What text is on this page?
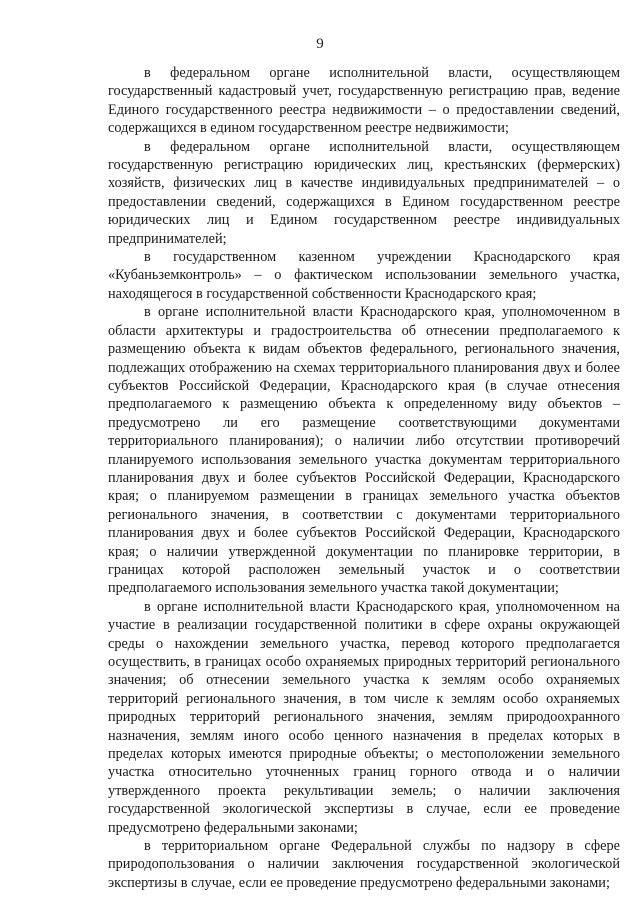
9

в федеральном органе исполнительной власти, осуществляющем государственный кадастровый учет, государственную регистрацию прав, ведение Единого государственного реестра недвижимости – о предоставлении сведений, содержащихся в едином государственном реестре недвижимости;

в федеральном органе исполнительной власти, осуществляющем государственную регистрацию юридических лиц, крестьянских (фермерских) хозяйств, физических лиц в качестве индивидуальных предпринимателей – о предоставлении сведений, содержащихся в Едином государственном реестре юридических лиц и Едином государственном реестре индивидуальных предпринимателей;

в государственном казенном учреждении Краснодарского края «Кубаньземконтроль» – о фактическом использовании земельного участка, находящегося в государственной собственности Краснодарского края;

в органе исполнительной власти Краснодарского края, уполномоченном в области архитектуры и градостроительства об отнесении предполагаемого к размещению объекта к видам объектов федерального, регионального значения, подлежащих отображению на схемах территориального планирования двух и более субъектов Российской Федерации, Краснодарского края (в случае отнесения предполагаемого к размещению объекта к определенному виду объектов – предусмотрено ли его размещение соответствующими документами территориального планирования); о наличии либо отсутствии противоречий планируемого использования земельного участка документам территориального планирования двух и более субъектов Российской Федерации, Краснодарского края; о планируемом размещении в границах земельного участка объектов регионального значения, в соответствии с документами территориального планирования двух и более субъектов Российской Федерации, Краснодарского края; о наличии утвержденной документации по планировке территории, в границах которой расположен земельный участок и о соответствии предполагаемого использования земельного участка такой документации;

в органе исполнительной власти Краснодарского края, уполномоченном на участие в реализации государственной политики в сфере охраны окружающей среды о нахождении земельного участка, перевод которого предполагается осуществить, в границах особо охраняемых природных территорий регионального значения; об отнесении земельного участка к землям особо охраняемых территорий регионального значения, в том числе к землям особо охраняемых природных территорий регионального значения, землям природоохранного назначения, землям иного особо ценного назначения в пределах которых в пределах которых имеются природные объекты; о местоположении земельного участка относительно уточненных границ горного отвода и о наличии утвержденного проекта рекультивации земель; о наличии заключения государственной экологической экспертизы в случае, если ее проведение предусмотрено федеральными законами;

в территориальном органе Федеральной службы по надзору в сфере природопользования о наличии заключения государственной экологической экспертизы в случае, если ее проведение предусмотрено федеральными законами;
